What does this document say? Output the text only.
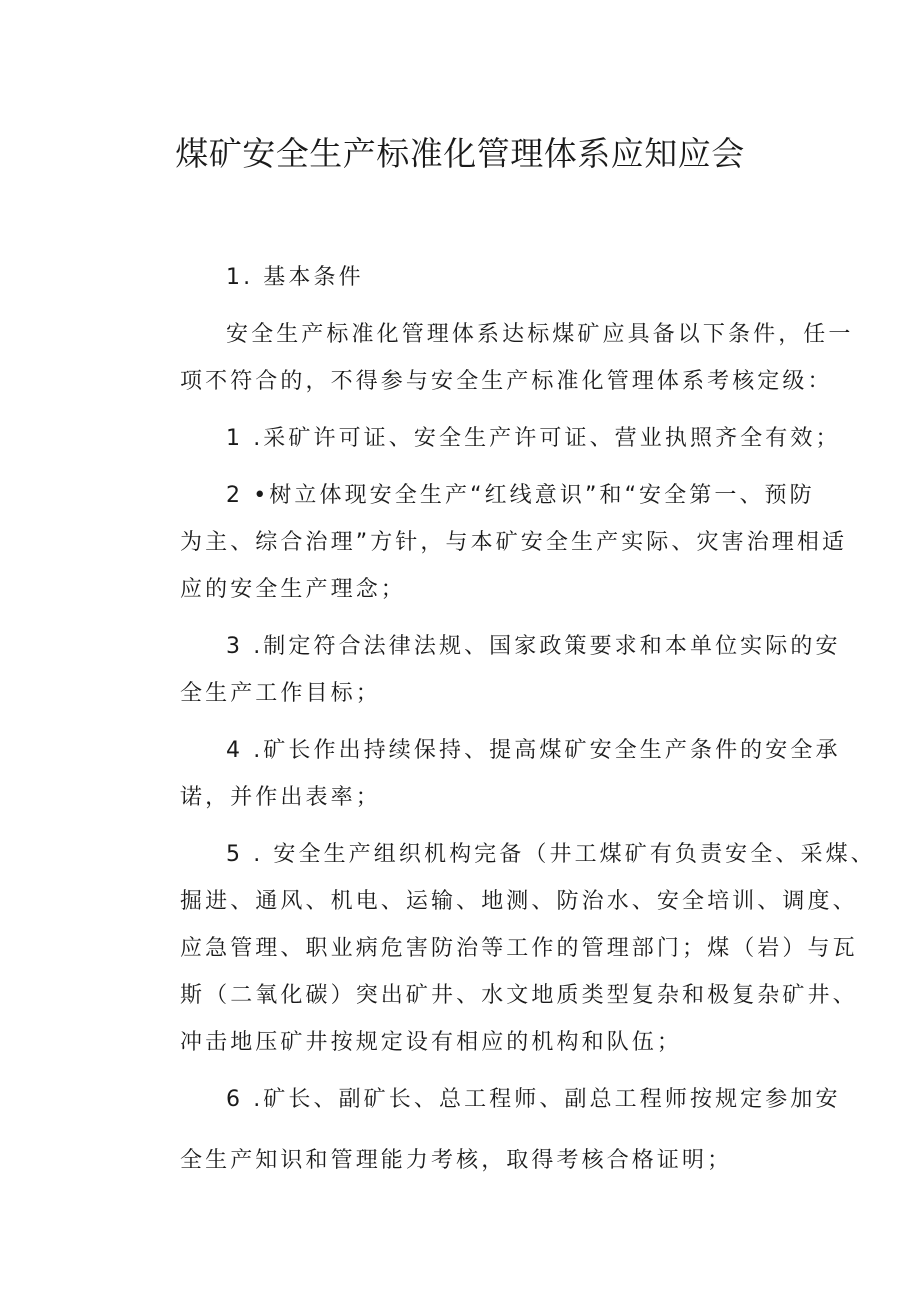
煤矿安全生产标准化管理体系应知应会
1. 基本条件
安全生产标准化管理体系达标煤矿应具备以下条件，任一
项不符合的，不得参与安全生产标准化管理体系考核定级：
1 .采矿许可证、安全生产许可证、营业执照齐全有效；
2 •树立体现安全生产“红线意识”和“安全第一、预防
为主、综合治理”方针，与本矿安全生产实际、灾害治理相适
应的安全生产理念；
3 .制定符合法律法规、国家政策要求和本单位实际的安
全生产工作目标；
4 .矿长作出持续保持、提高煤矿安全生产条件的安全承
诺，并作出表率；
5 . 安全生产组织机构完备（井工煤矿有负责安全、采煤、
掘进、通风、机电、运输、地测、防治水、安全培训、调度、
应急管理、职业病危害防治等工作的管理部门；煤（岩）与瓦
斯（二氧化碳）突出矿井、水文地质类型复杂和极复杂矿井、
冲击地压矿井按规定设有相应的机构和队伍；
6 .矿长、副矿长、总工程师、副总工程师按规定参加安
全生产知识和管理能力考核，取得考核合格证明；
